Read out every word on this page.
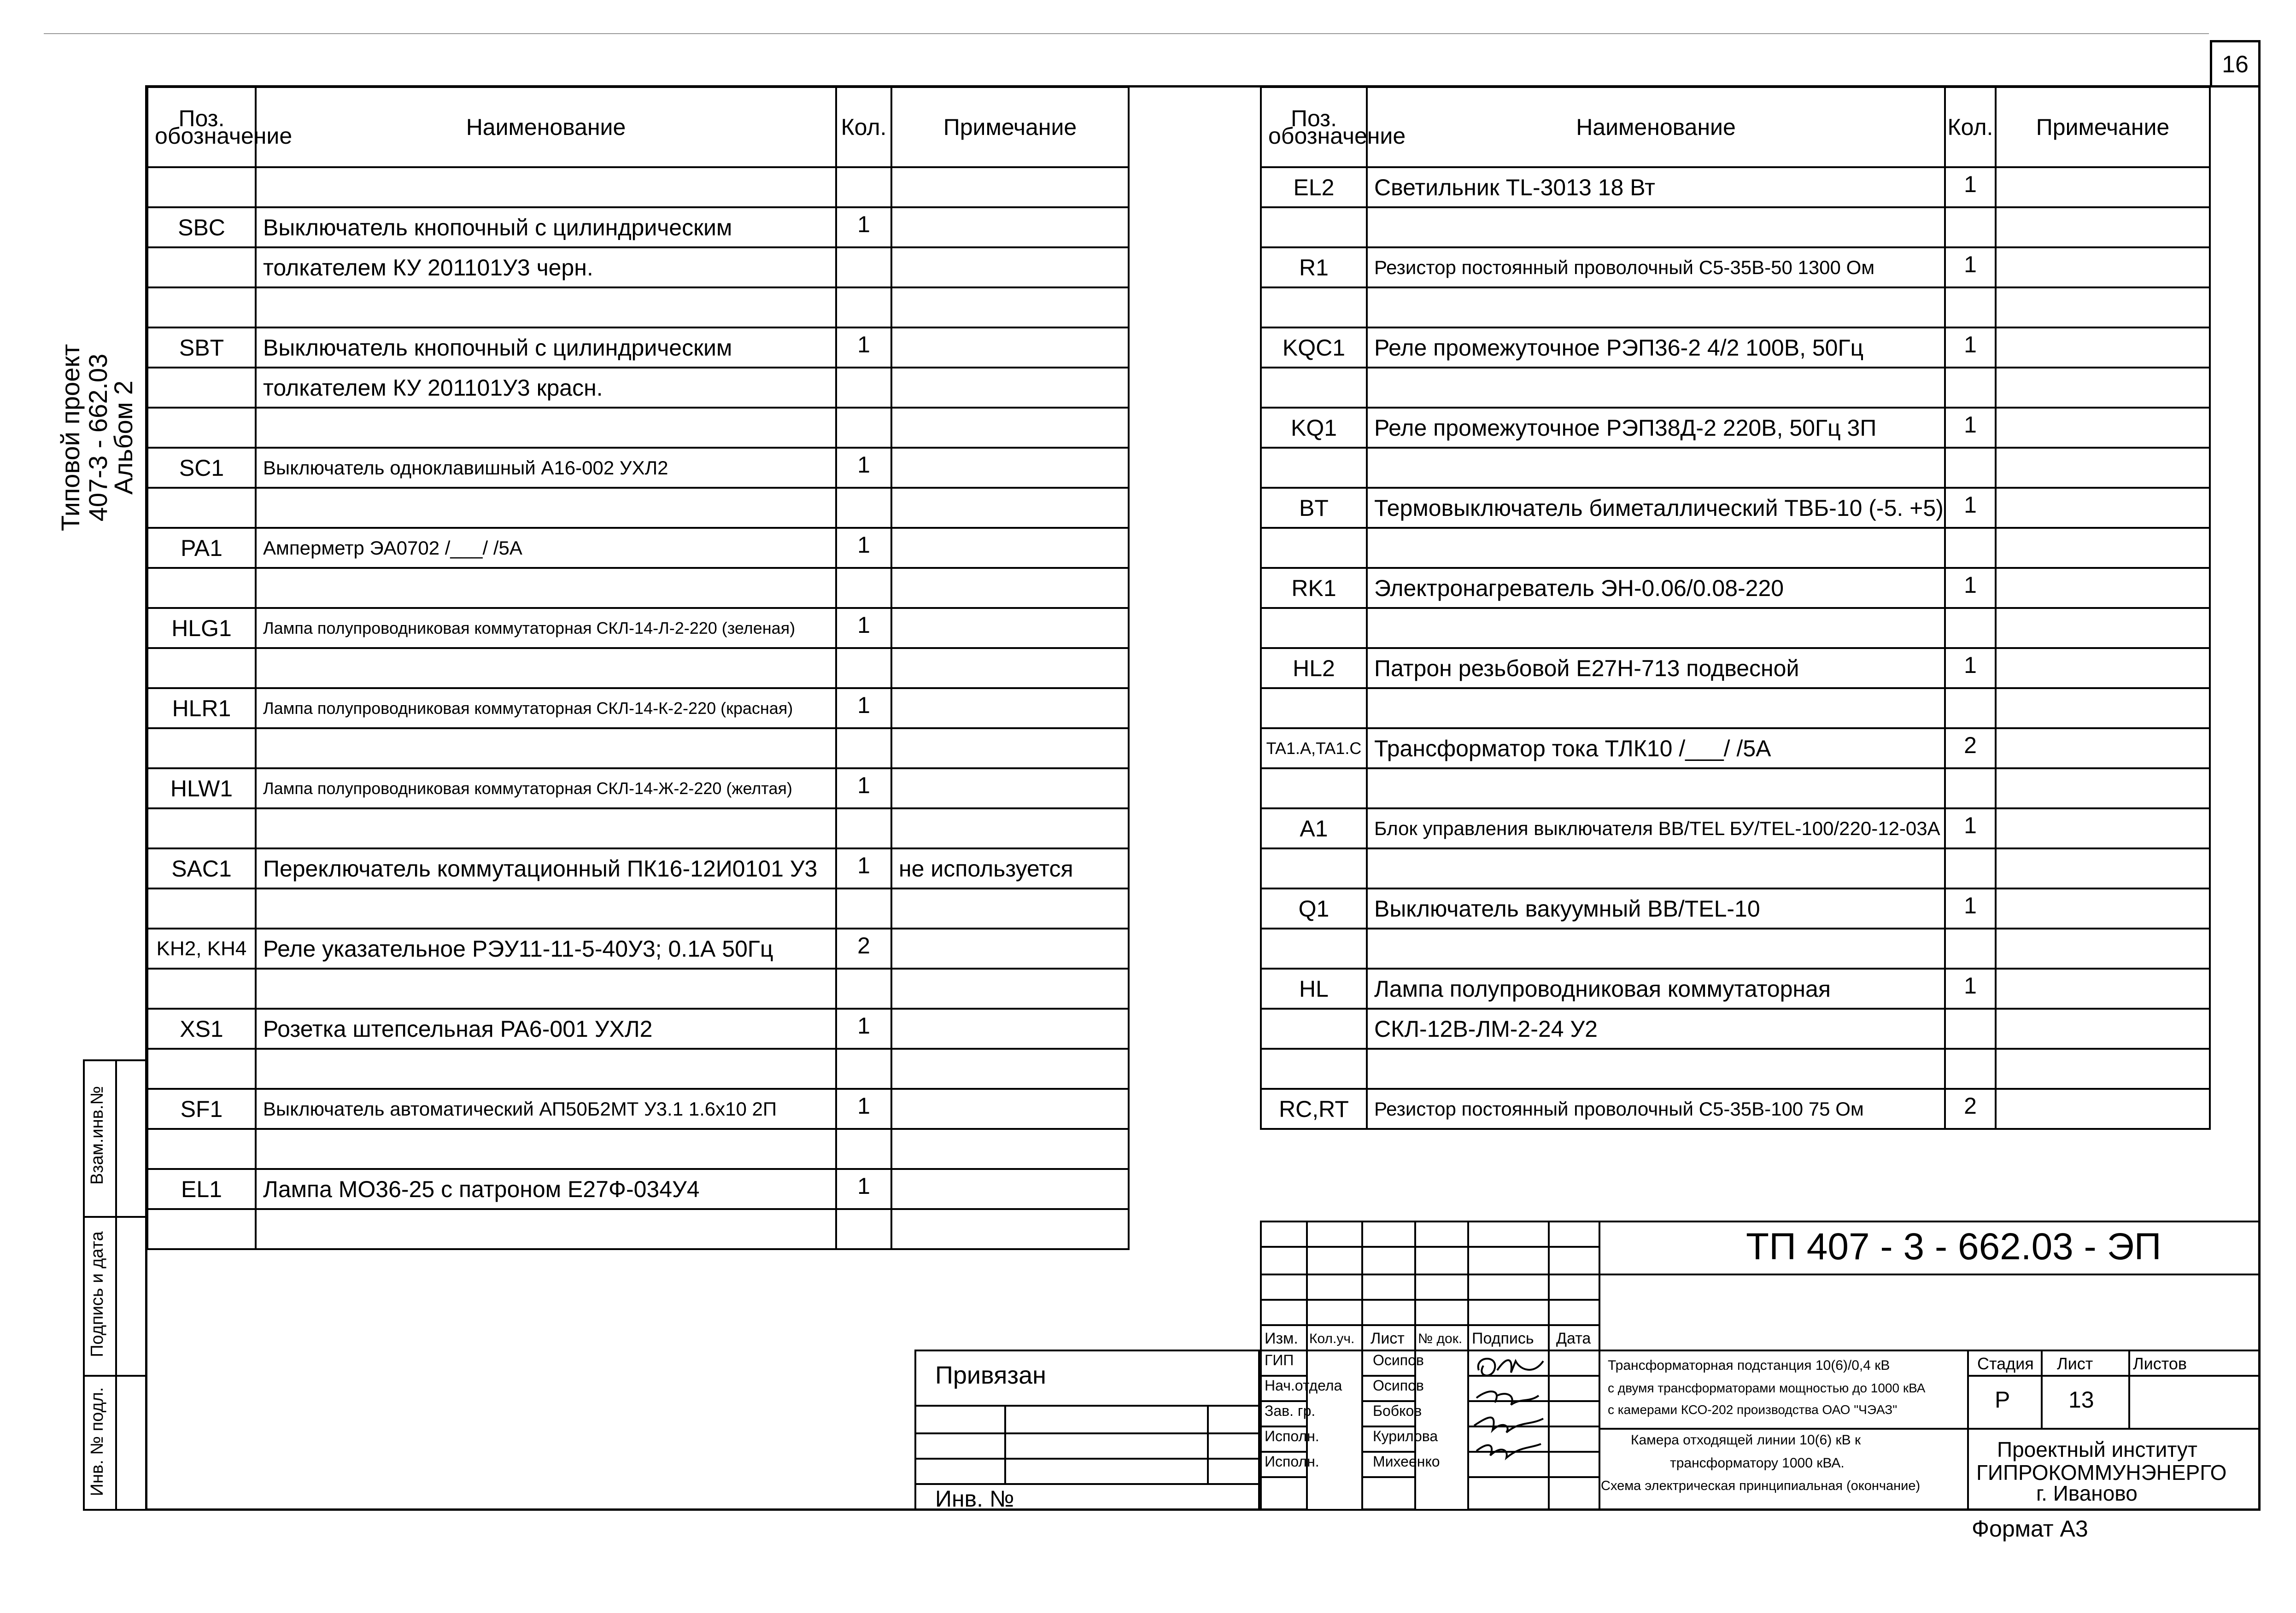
16
Типовой проект
407-3 - 662.03
Альбом 2
Взам.инв.№
Подпись и дата
Инв. № подл.
Поз. обозначение	Наименование	Кол.	Примечание

SBC	Выключатель кнопочный с цилиндрическим	1	
	толкателем КУ 201101У3 черн.		

SBT	Выключатель кнопочный с цилиндрическим	1	
	толкателем КУ 201101У3 красн.		

SC1	Выключатель одноклавишный А16-002 УХЛ2	1	

PA1	Амперметр ЭА0702 /___/ /5А	1	

HLG1	Лампа полупроводниковая коммутаторная СКЛ-14-Л-2-220 (зеленая)	1	

HLR1	Лампа полупроводниковая коммутаторная СКЛ-14-К-2-220 (красная)	1	

HLW1	Лампа полупроводниковая коммутаторная СКЛ-14-Ж-2-220 (желтая)	1	

SAC1	Переключатель коммутационный ПК16-12И0101 У3	1	не используется

KH2, KH4	Реле указательное РЭУ11-11-5-40У3; 0.1А 50Гц	2	

XS1	Розетка штепсельная РА6-001 УХЛ2	1	

SF1	Выключатель автоматический АП50Б2МТ У3.1 1.6х10 2П	1	

EL1	Лампа МО36-25 с патроном Е27Ф-034У4	1	

Поз. обозначение	Наименование	Кол.	Примечание
EL2	Светильник TL-3013 18 Вт	1	

R1	Резистор постоянный проволочный С5-35В-50 1300 Ом	1	

KQC1	Реле промежуточное РЭП36-2 4/2 100В, 50Гц	1	

KQ1	Реле промежуточное РЭП38Д-2 220В, 50Гц 3П	1	

BT	Термовыключатель биметаллический ТВБ-10 (-5. +5)	1	

RK1	Электронагреватель ЭН-0.06/0.08-220	1	

HL2	Патрон резьбовой Е27Н-713 подвесной	1	

TA1.A,TA1.C	Трансформатор тока ТЛК10 /___/ /5А	2	

A1	Блок управления выключателя ВВ/TEL БУ/TEL-100/220-12-03А	1	

Q1	Выключатель вакуумный ВВ/TEL-10	1	

HL	Лампа полупроводниковая коммутаторная	1	
	СКЛ-12В-ЛМ-2-24 У2		

RC,RT	Резистор постоянный проволочный С5-35В-100 75 Ом	2	
Привязан
Инв. №
Изм. Кол.уч. Лист № док. Подпись Дата
ГИП	Осипов
Нач.отдела Осипов
Зав. гр.	Бобков
Исполн.	Курилова
Исполн.	Михеенко
ТП 407 - 3 - 662.03 - ЭП
Трансформаторная подстанция 10(6)/0,4 кВ
с двумя трансформаторами мощностью до 1000 кВА
с камерами КСО-202 производства ОАО "ЧЭАЗ"
Камера отходящей линии 10(6) кВ к
трансформатору 1000 кВА.
Схема электрическая принципиальная (окончание)
Стадия Лист Листов
Р	13
Проектный институт
ГИПРОКОММУНЭНЕРГО
г. Иваново
Формат А3
